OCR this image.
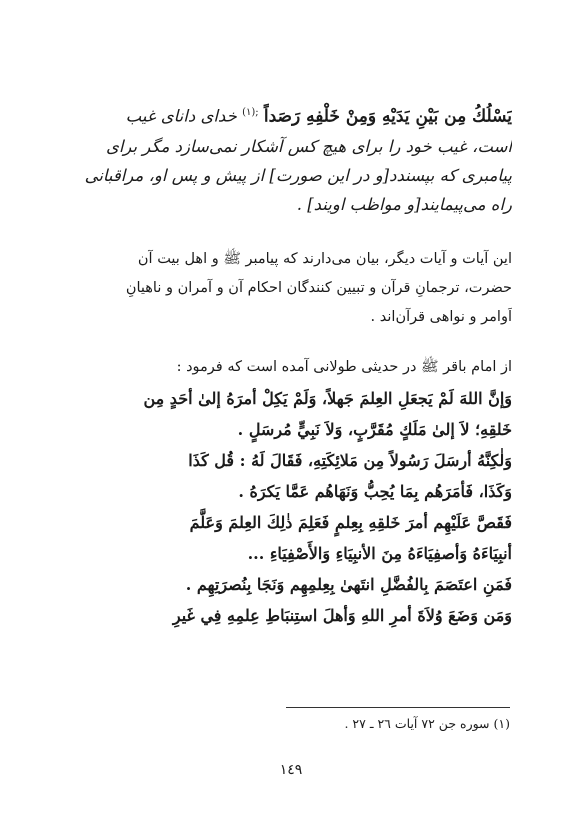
يَسْلُكُ مِن بَيْنِ يَدَيْهِ وَمِنْ خَلْفِهِ رَصَداً $^{;(١)}$ خدای دانای غیب
است، غیب خود را برای هیچ کس آشکار نمی‌سازد مگر برای
پیامبری که بپسندد[و در این صورت] از پیش و پس او، مراقبانی
راه می‌پیمایند[و مواظب اویند] .
این آیات و آیات دیگر، بیان می‌دارند که پیامبر ﷺ و اهل بیت آن
حضرت، ترجمانِ قرآن و تبیین کنندگان احکام آن و آمران و ناهیانِ
اَوامر و نواهی قرآن‌اند .
از امام باقر ﷺ در حدیثی طولانی آمده است که فرمود :
وَإنَّ اللهَ لَمْ يَجعَلِ العِلمَ جَهلاً، وَلَمْ يَكِلْ أمرَهُ إلىٰ أحَدٍ مِن
خَلقِهِ؛ لاَ إلىٰ مَلَكٍ مُقَرَّبٍ، وَلاَ نَبِيٍّ مُرسَلٍ .
وَلٰكِنَّهُ أرسَلَ رَسُولاً مِن مَلائِكَتِهِ، فَقَالَ لَهُ : قُل كَذَا
وَكَذَا، فَأمَرَهُم بِمَا يُحِبُّ وَنَهَاهُم عَمَّا يَكرَهُ .
فَقَصَّ عَلَيْهِم أمرَ خَلقِهِ بِعِلمٍ فَعَلِمَ ذٰلِكَ العِلمَ وَعَلَّمَ
أنبِيَاءَهُ وَأصفِيَاءَهُ مِنَ الأنبِيَاءِ وَالأَصْفِيَاءِ ...
فَمَنِ اعتَصَمَ بِالفُضَّلِ انتَهیٰ بِعِلمِهِم وَنَجَا بِنُصرَتِهِم .
وَمَن وَضَعَ وُلاَةَ أمرِ اللهِ وَأهلَ استِنبَاطِ عِلمِهِ فِي غَيرِ
(١) سوره جن ٧٢ آیات ٢٦ ـ ٢٧ .
١٤٩
